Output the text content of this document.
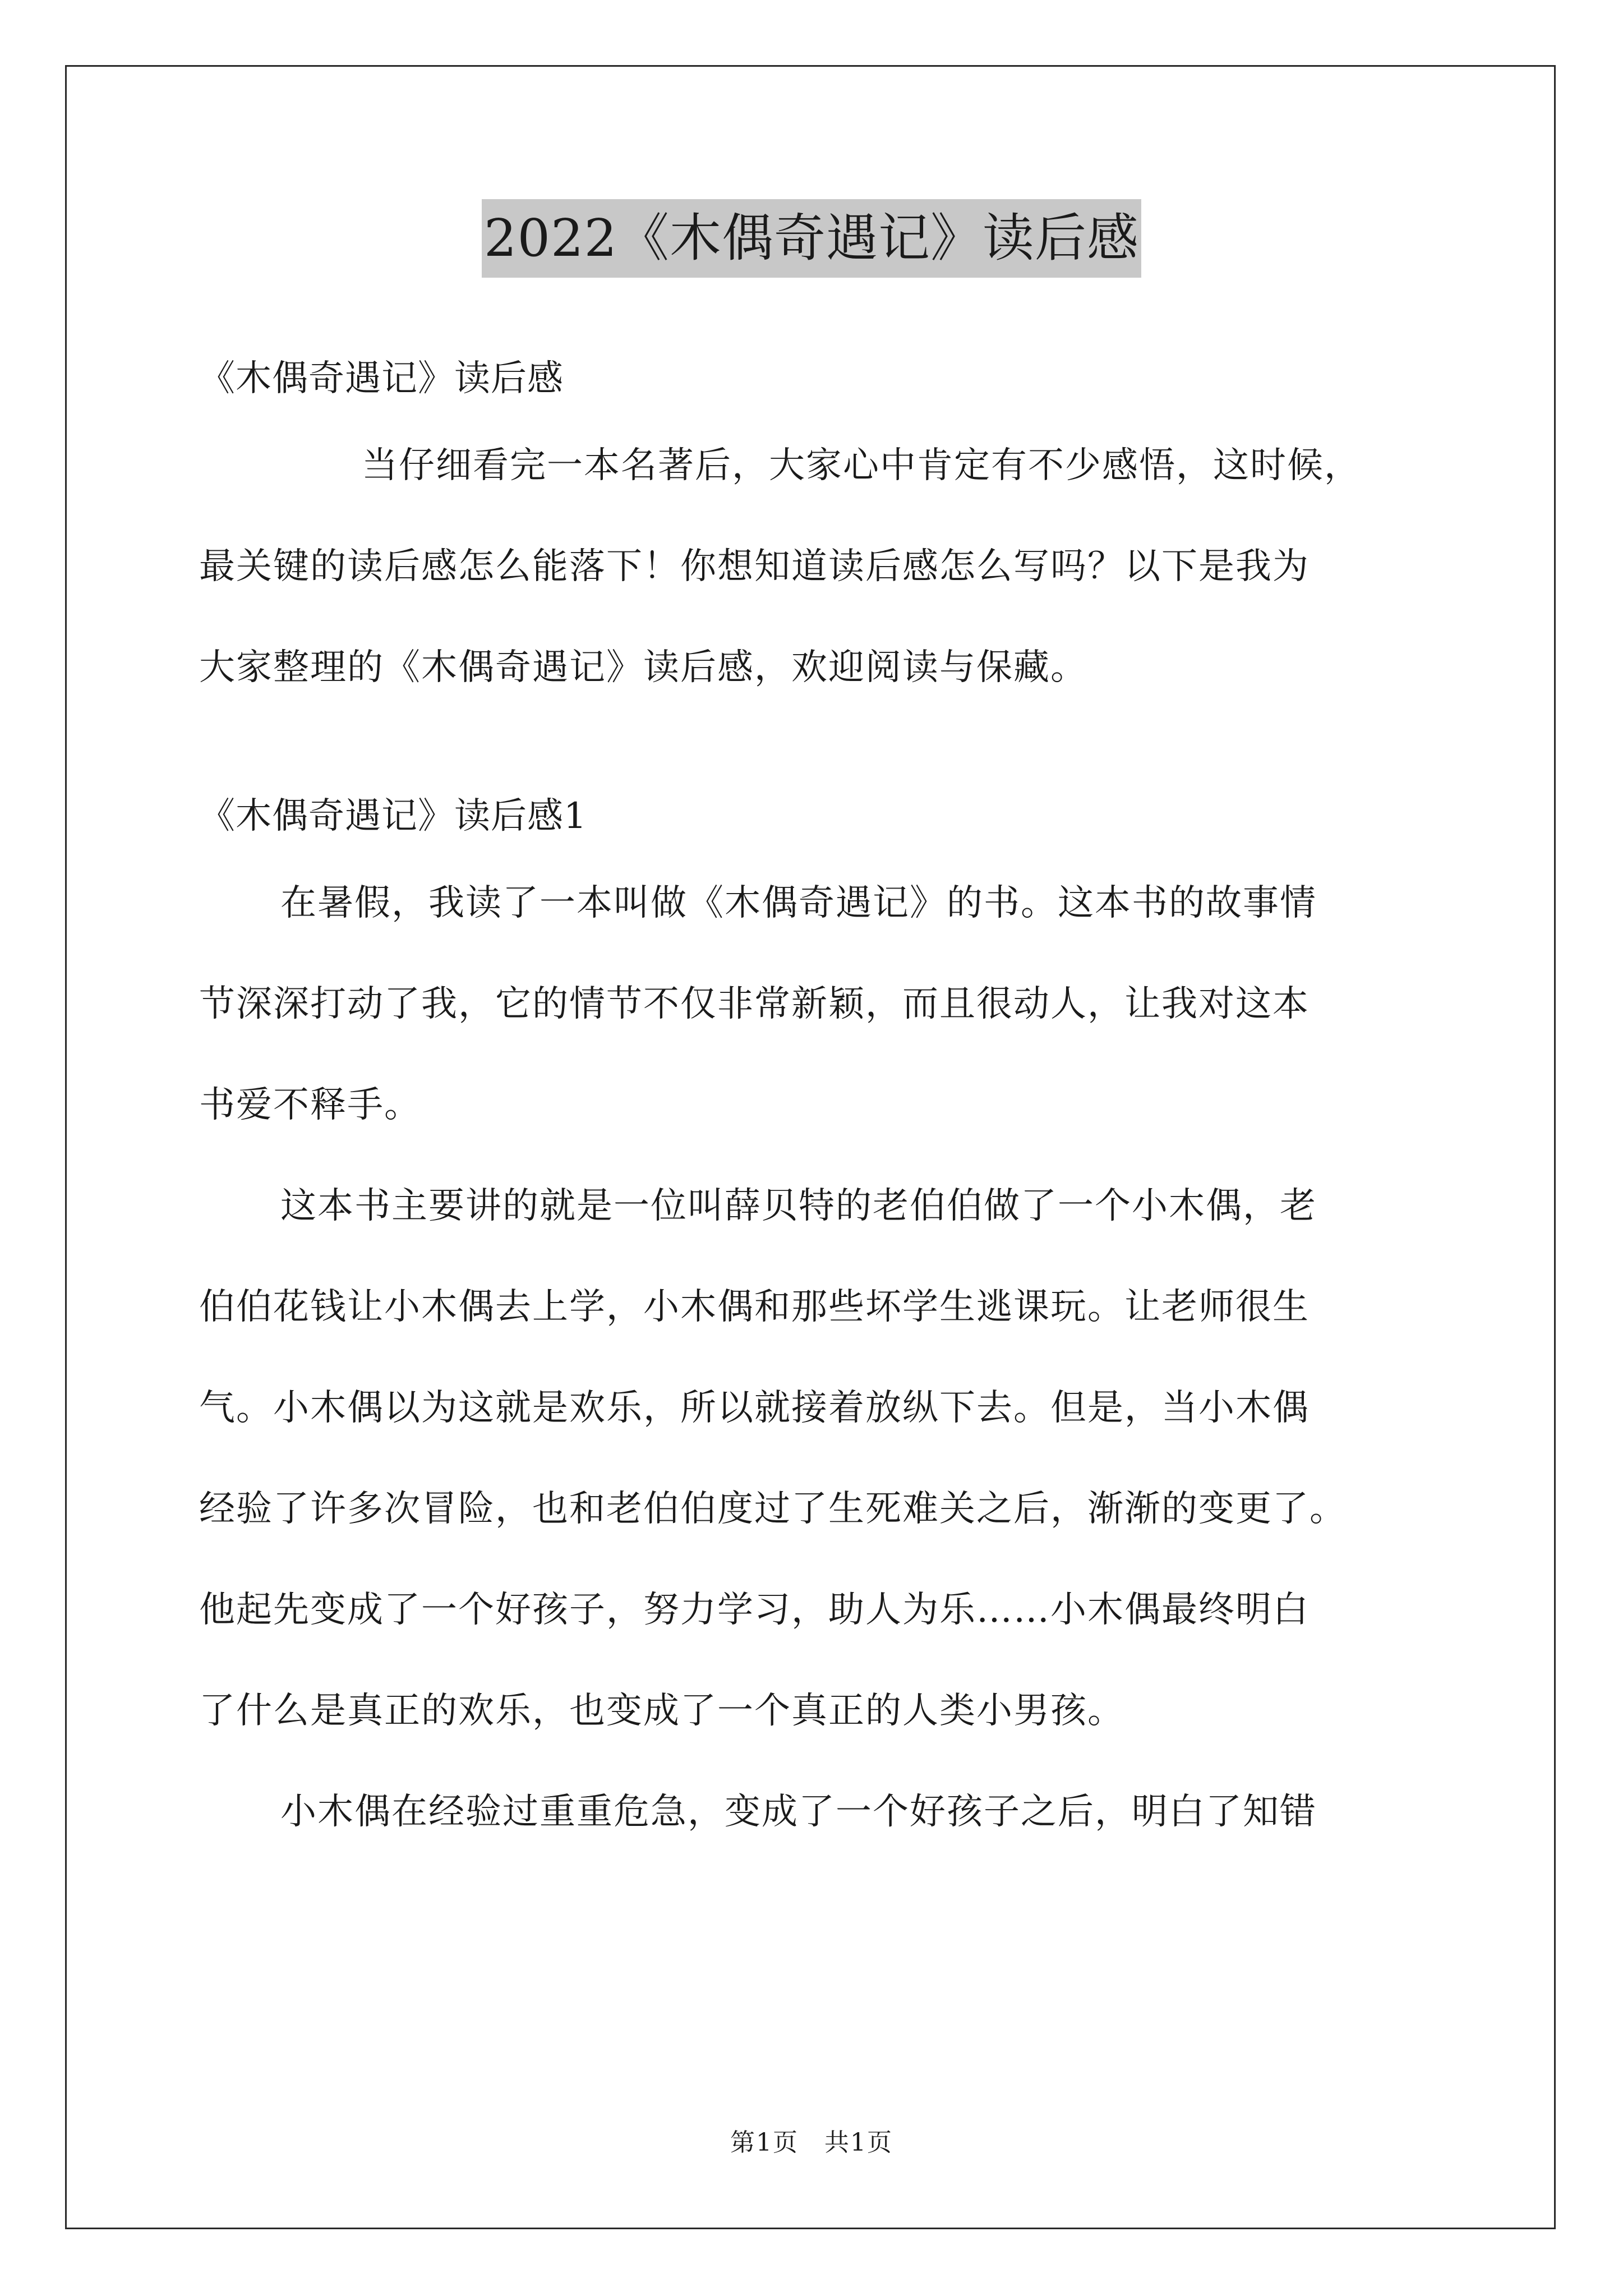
2022《木偶奇遇记》读后感
《木偶奇遇记》读后感
当仔细看完一本名著后，大家心中肯定有不少感悟，这时候，
最关键的读后感怎么能落下！你想知道读后感怎么写吗？以下是我为
大家整理的《木偶奇遇记》读后感，欢迎阅读与保藏。
《木偶奇遇记》读后感1
在暑假，我读了一本叫做《木偶奇遇记》的书。这本书的故事情
节深深打动了我，它的情节不仅非常新颖，而且很动人，让我对这本
书爱不释手。
这本书主要讲的就是一位叫薛贝特的老伯伯做了一个小木偶，老
伯伯花钱让小木偶去上学，小木偶和那些坏学生逃课玩。让老师很生
气。小木偶以为这就是欢乐，所以就接着放纵下去。但是，当小木偶
经验了许多次冒险，也和老伯伯度过了生死难关之后，渐渐的变更了。
他起先变成了一个好孩子，努力学习，助人为乐……小木偶最终明白
了什么是真正的欢乐，也变成了一个真正的人类小男孩。
小木偶在经验过重重危急，变成了一个好孩子之后，明白了知错
第1页　共1页
